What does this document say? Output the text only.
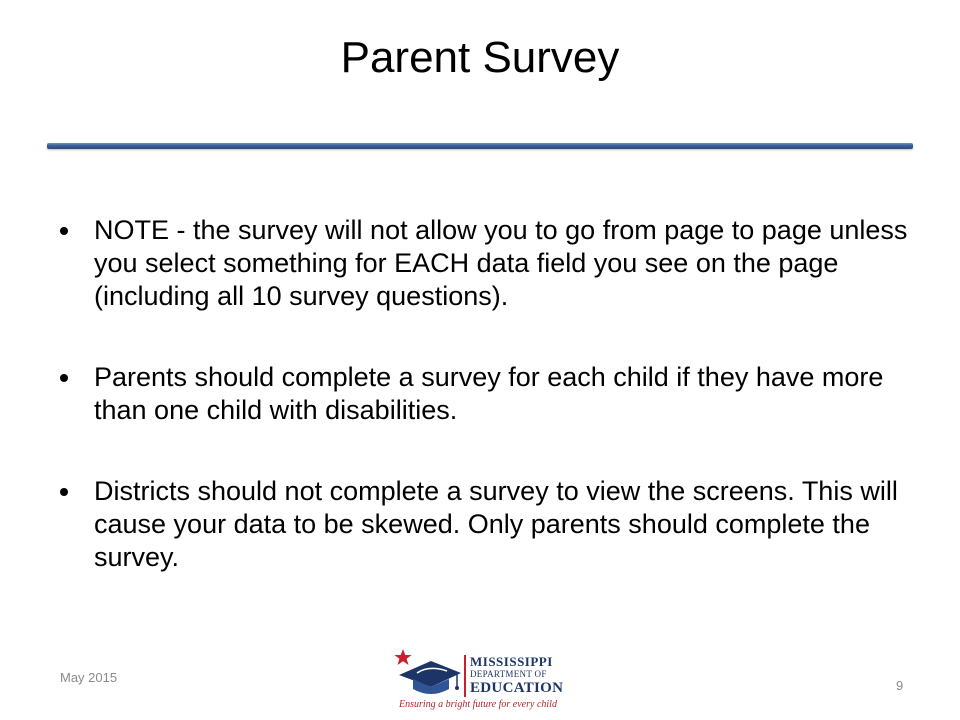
Parent Survey
NOTE - the survey will not allow you to go from page to page unless you select something for EACH data field you see on the page (including all 10 survey questions).
Parents should complete a survey for each child if they have more than one child with disabilities.
Districts should not complete a survey to view the screens. This will cause your data to be skewed. Only parents should complete the survey.
May 2015
MISSISSIPPI
DEPARTMENT OF
EDUCATION
Ensuring a bright future for every child
9
